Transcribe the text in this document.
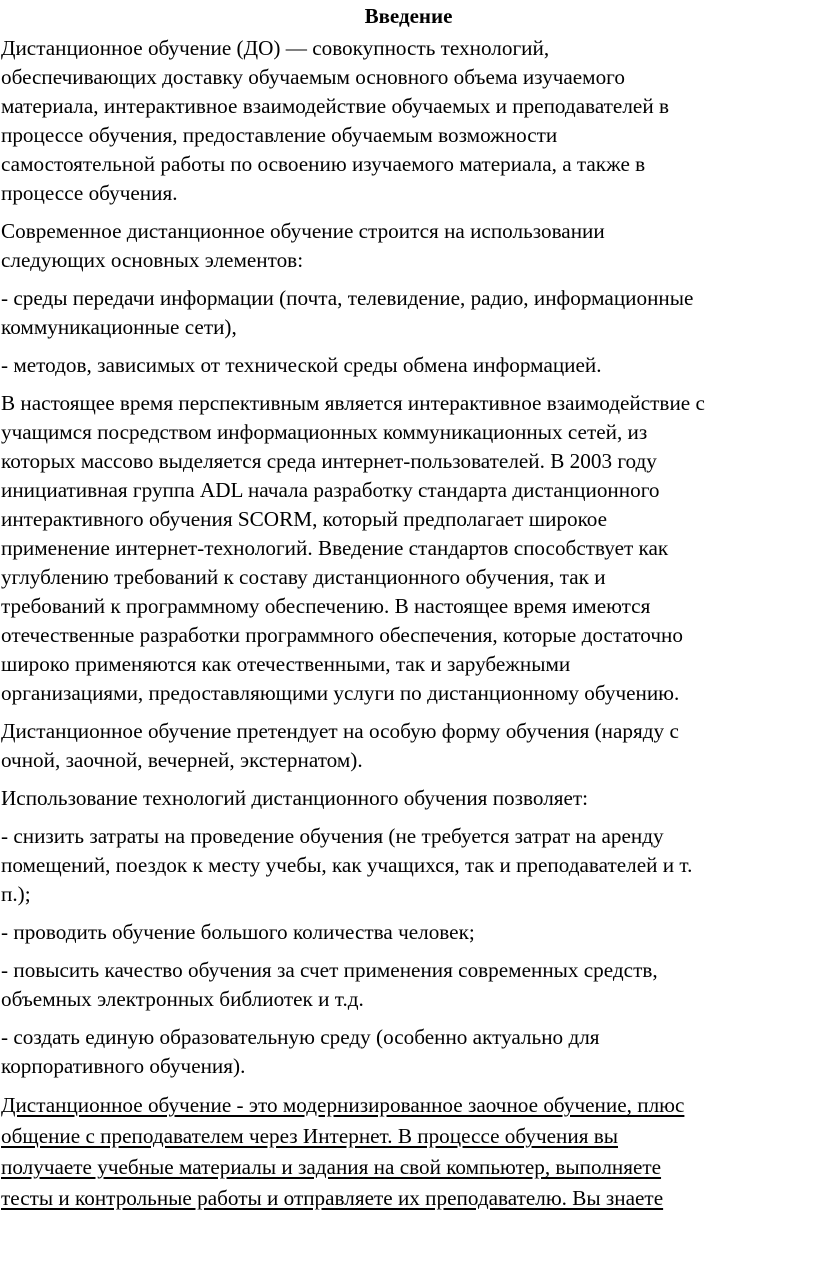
Введение

Дистанционное обучение (ДО) — совокупность технологий,
обеспечивающих доставку обучаемым основного объема изучаемого
материала, интерактивное взаимодействие обучаемых и преподавателей в
процессе обучения, предоставление обучаемым возможности
самостоятельной работы по освоению изучаемого материала, а также в
процессе обучения.

Современное дистанционное обучение строится на использовании
следующих основных элементов:

- среды передачи информации (почта, телевидение, радио, информационные
коммуникационные сети),

- методов, зависимых от технической среды обмена информацией.

В настоящее время перспективным является интерактивное взаимодействие с
учащимся посредством информационных коммуникационных сетей, из
которых массово выделяется среда интернет-пользователей. В 2003 году
инициативная группа ADL начала разработку стандарта дистанционного
интерактивного обучения SCORM, который предполагает широкое
применение интернет-технологий. Введение стандартов способствует как
углублению требований к составу дистанционного обучения, так и
требований к программному обеспечению. В настоящее время имеются
отечественные разработки программного обеспечения, которые достаточно
широко применяются как отечественными, так и зарубежными
организациями, предоставляющими услуги по дистанционному обучению.

Дистанционное обучение претендует на особую форму обучения (наряду с
очной, заочной, вечерней, экстернатом).

Использование технологий дистанционного обучения позволяет:

- снизить затраты на проведение обучения (не требуется затрат на аренду
помещений, поездок к месту учебы, как учащихся, так и преподавателей и т.
п.);

- проводить обучение большого количества человек;

- повысить качество обучения за счет применения современных средств,
объемных электронных библиотек и т.д.

- создать единую образовательную среду (особенно актуально для
корпоративного обучения).

Дистанционное обучение - это модернизированное заочное обучение, плюс
общение с преподавателем через Интернет. В процессе обучения вы
получаете учебные материалы и задания на свой компьютер, выполняете
тесты и контрольные работы и отправляете их преподавателю. Вы знаете
